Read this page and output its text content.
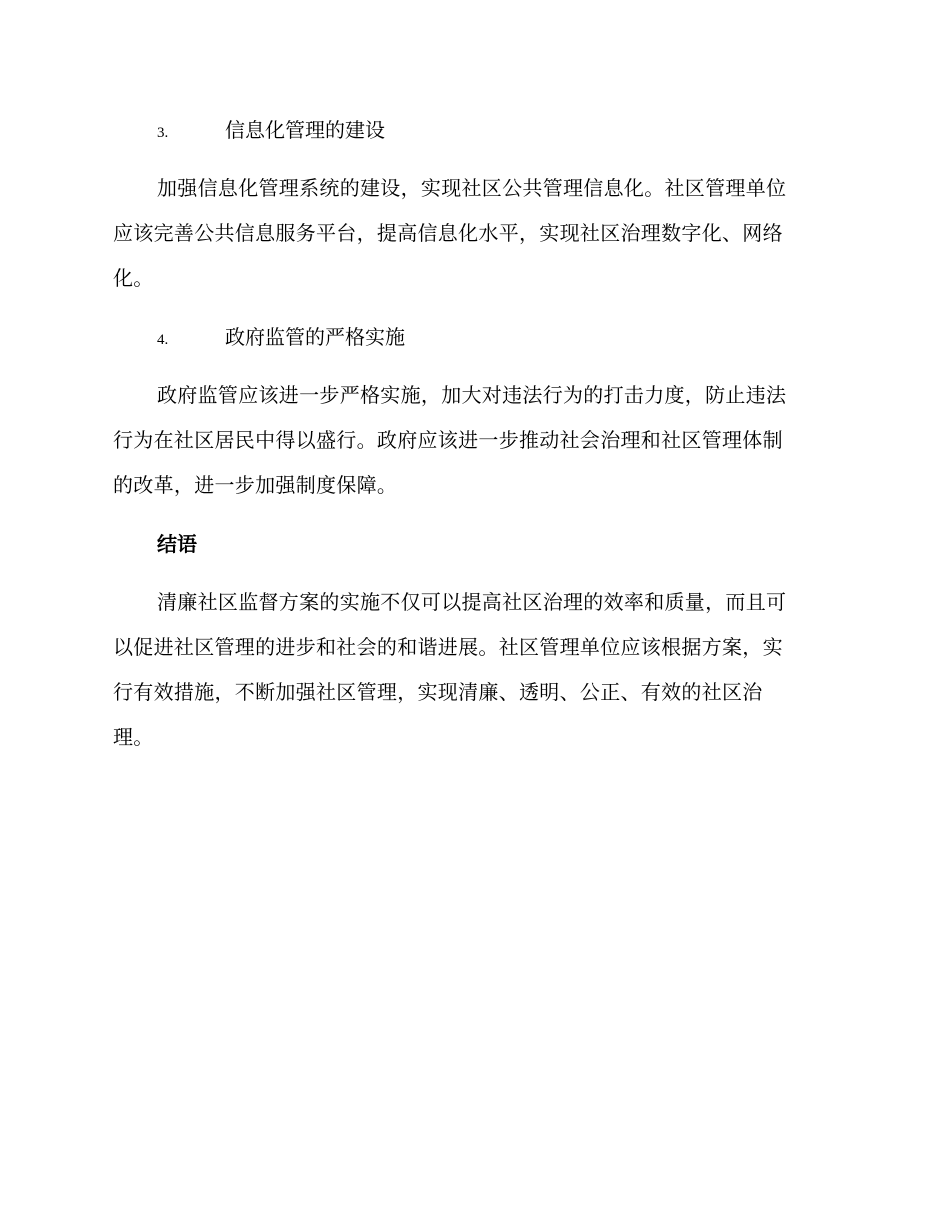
3.	信息化管理的建设
加强信息化管理系统的建设，实现社区公共管理信息化。社区管理单位
应该完善公共信息服务平台，提高信息化水平，实现社区治理数字化、网络
化。
4.	政府监管的严格实施
政府监管应该进一步严格实施，加大对违法行为的打击力度，防止违法
行为在社区居民中得以盛行。政府应该进一步推动社会治理和社区管理体制
的改革，进一步加强制度保障。
结语
清廉社区监督方案的实施不仅可以提高社区治理的效率和质量，而且可
以促进社区管理的进步和社会的和谐进展。社区管理单位应该根据方案，实
行有效措施，不断加强社区管理，实现清廉、透明、公正、有效的社区治
理。
